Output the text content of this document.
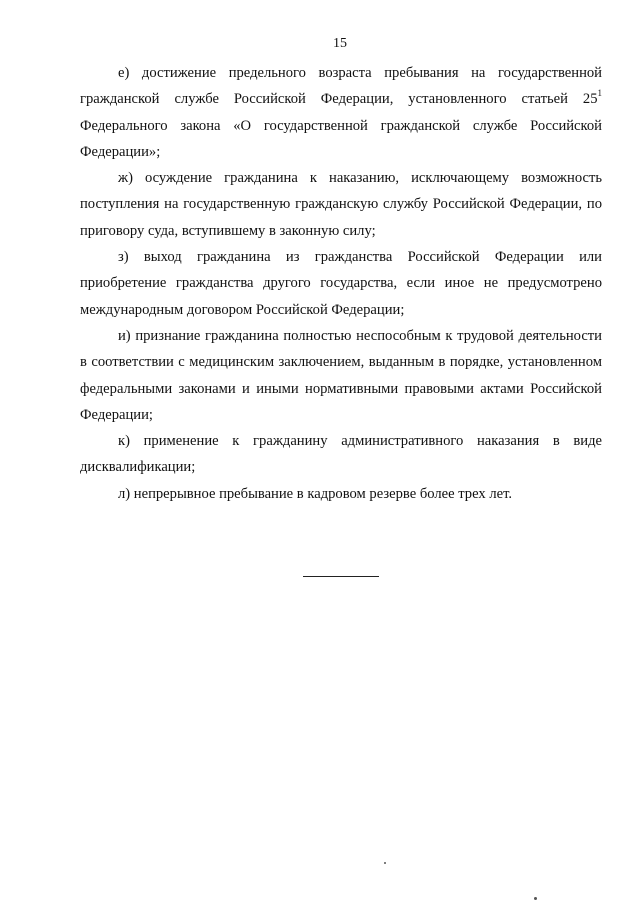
15

е) достижение предельного возраста пребывания на государственной гражданской службе Российской Федерации, установленного статьей $25^1$ Федерального закона «О государственной гражданской службе Российской Федерации»;

ж) осуждение гражданина к наказанию, исключающему возможность поступления на государственную гражданскую службу Российской Федерации, по приговору суда, вступившему в законную силу;

з) выход гражданина из гражданства Российской Федерации или приобретение гражданства другого государства, если иное не предусмотрено международным договором Российской Федерации;

и) признание гражданина полностью неспособным к трудовой деятельности в соответствии с медицинским заключением, выданным в порядке, установленном федеральными законами и иными нормативными правовыми актами Российской Федерации;

к) применение к гражданину административного наказания в виде дисквалификации;

л) непрерывное пребывание в кадровом резерве более трех лет.
